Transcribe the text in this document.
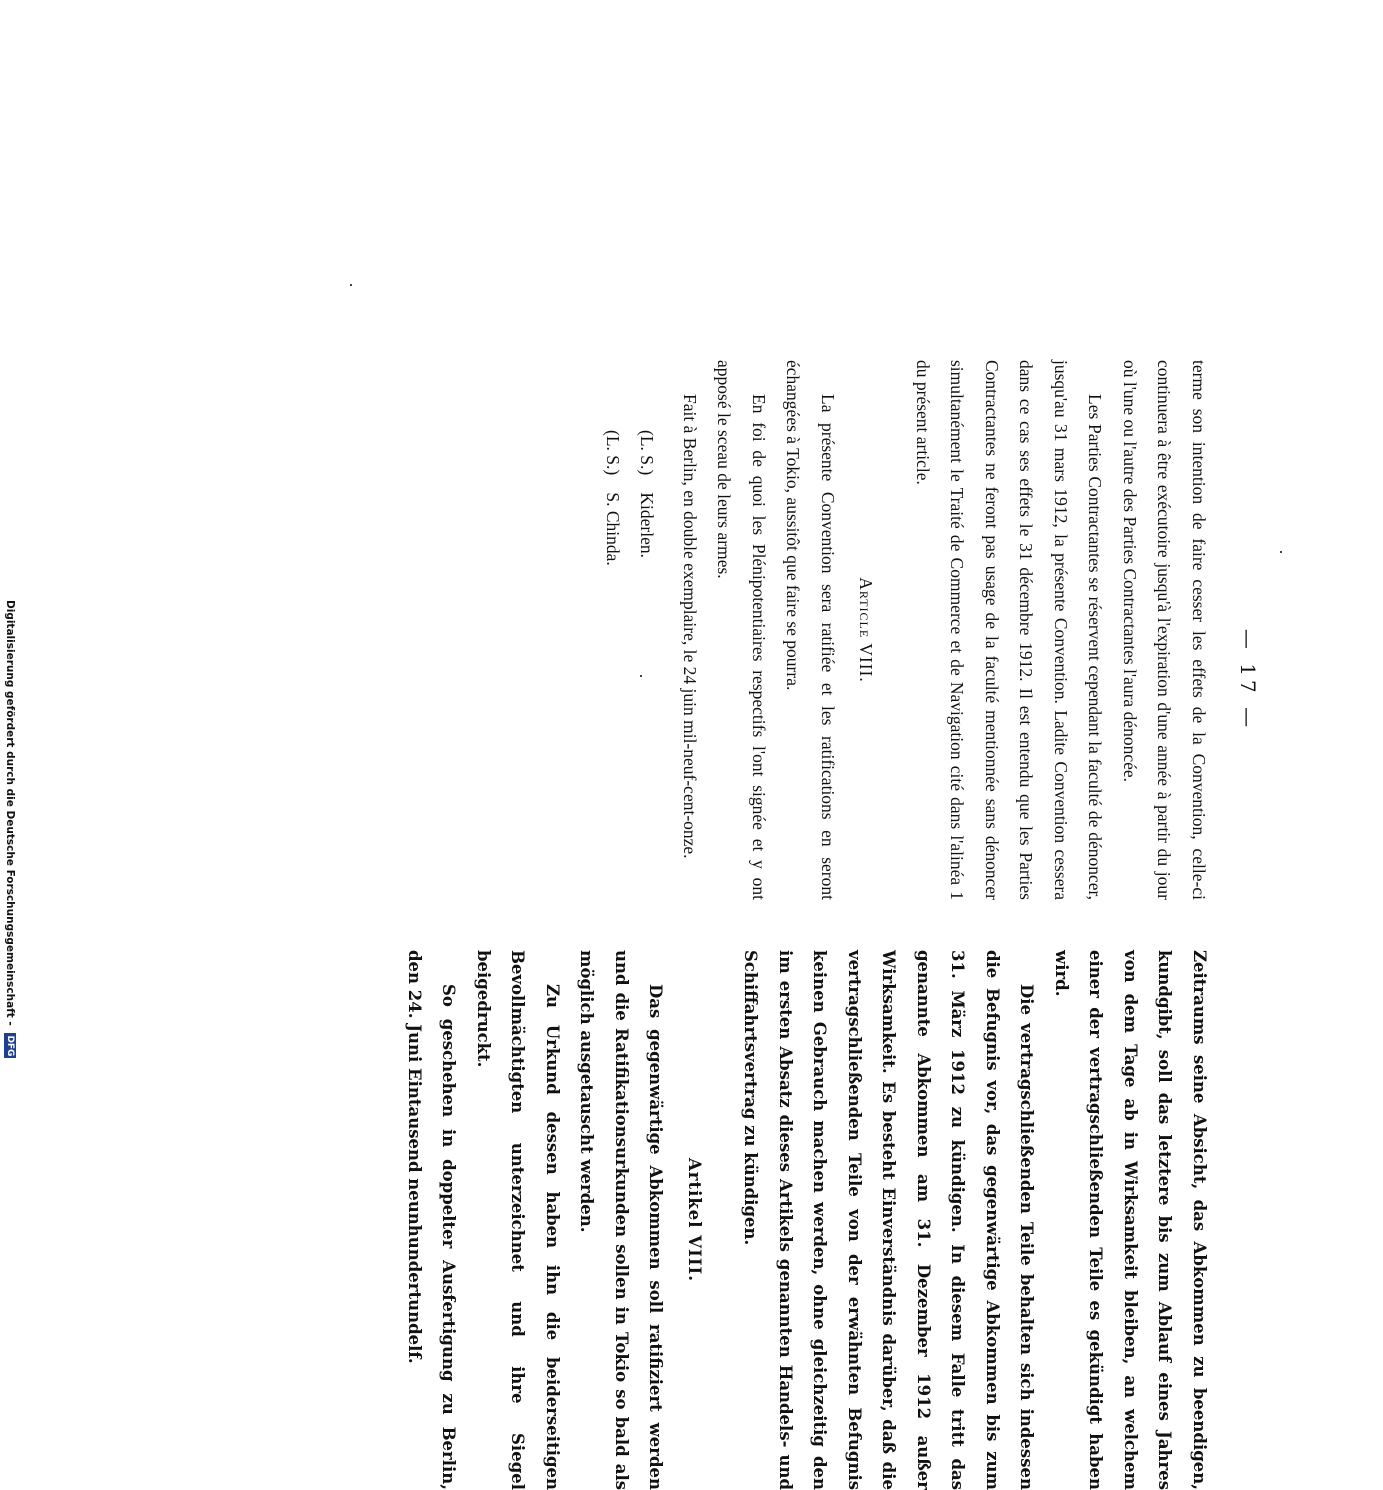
— 17 —

terme son intention de faire cesser les effets de la Convention, celle-ci continuera à être exécutoire jusqu'à l'expiration d'une année à partir du jour où l'une ou l'autre des Parties Contractantes l'aura dénoncée.

Les Parties Contractantes se réservent cependant la faculté de dénoncer, jusqu'au 31 mars 1912, la présente Convention. Ladite Convention cessera dans ce cas ses effets le 31 décembre 1912. Il est entendu que les Parties Contractantes ne feront pas usage de la faculté mentionnée sans dénoncer simultanément le Traité de Commerce et de Navigation cité dans l'alinéa 1 du présent article.

Article VIII.

La présente Convention sera ratifiée et les ratifications en seront échangées à Tokio, aussitôt que faire se pourra.

En foi de quoi les Plénipotentiaires respectifs l'ont signée et y ont apposé le sceau de leurs armes.

Fait à Berlin, en double exemplaire, le 24 juin mil-neuf-cent-onze.

(L. S.) Kiderlen.
(L. S.) S. Chinda.

Zeitraums seine Absicht, das Abkommen zu beendigen, kundgibt, soll das letztere bis zum Ablauf eines Jahres von dem Tage ab in Wirksamkeit bleiben, an welchem einer der vertragschließenden Teile es gekündigt haben wird.

Die vertragschließenden Teile behalten sich indessen die Befugnis vor, das gegenwärtige Abkommen bis zum 31. März 1912 zu kündigen. In diesem Falle tritt das genannte Abkommen am 31. Dezember 1912 außer Wirksamkeit. Es besteht Einverständnis darüber, daß die vertragschließenden Teile von der erwähnten Befugnis keinen Gebrauch machen werden, ohne gleichzeitig den im ersten Absatz dieses Artikels genannten Handels- und Schiffahrtsvertrag zu kündigen.

Artikel VIII.

Das gegenwärtige Abkommen soll ratifiziert werden und die Ratifikationsurkunden sollen in Tokio so bald als möglich ausgetauscht werden.

Zu Urkund dessen haben ihn die beiderseitigen Bevollmächtigten unterzeichnet und ihre Siegel beigedruckt.

So geschehen in doppelter Ausfertigung zu Berlin, den 24. Juni Eintausend neunhundertundelf.

Digitalisierung gefördert durch die Deutsche Forschungsgemeinschaft - DFG
